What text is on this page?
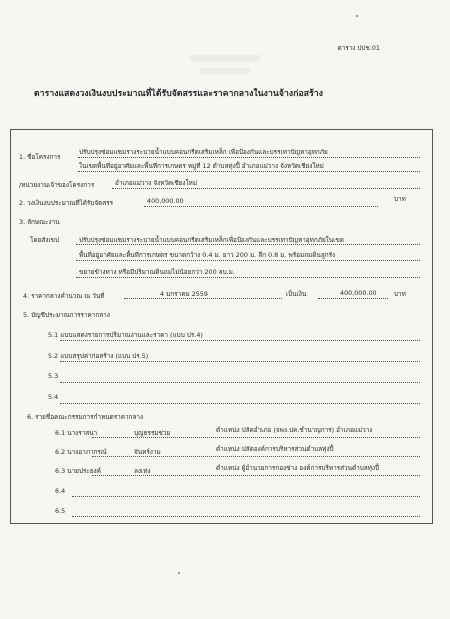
ตาราง ปปช.01
ตารางแสดงวงเงินงบประมาณที่ได้รับจัดสรรและราคากลางในงานจ้างก่อสร้าง
1. ชื่อโครงการ
ปรับปรุงซ่อมแซมรางระบายน้ำแบบคอนกรีตเสริมเหล็ก เพื่อป้องกันและบรรเทาปัญหาอุทกภัย
ในเขตพื้นที่อยู่อาศัยและพื้นที่การเกษตร หมู่ที่ 12 ตำบลทุ่งปี้ อำเภอแม่วาง จังหวัดเชียงใหม่
/หน่วยงานเจ้าของโครงการ	อำเภอแม่วาง จังหวัดเชียงใหม่
2. วงเงินงบประมาณที่ได้รับจัดสรร	400,000.00	บาท
3. ลักษณะงาน
โดยสังเขป	ปรับปรุงซ่อมแซมรางระบายน้ำแบบคอนกรีตเสริมเหล็กเพื่อป้องกันและบรรเทาปัญหาอุทกภัยในเขต
พื้นที่อยู่อาศัยและพื้นที่การเกษตร ขนาดกว้าง 0.4 ม. ยาว 200 ม. ลึก 0.8 ม. พร้อมถมดินลูกรัง
ขยายข้างทาง หรือมีปริมาณดินถมไม่น้อยกว่า 200 ลบ.ม.
4. ราคากลางคำนวณ ณ วันที่	4 มกราคม 2559	เป็นเงิน	400,000.00	บาท
5. บัญชีประมาณการราคากลาง
5.1 แบบแสดงรายการปริมาณงานและราคา (แบบ ปร.4)
5.2 แบบสรุปค่าก่อสร้าง (แบบ ปร.5)
5.3
5.4
6. รายชื่อคณะกรรมการกำหนดราคากลาง
6.1 นางราสนา	บุญธรรมช่วย	ตำแหน่ง ปลัดอำเภอ (จพง.ปค.ชำนาญการ) อำเภอแม่วาง
6.2 นางอาภากรณ์	จันทร์งาม	ตำแหน่ง ปลัดองค์การบริหารส่วนตำบลทุ่งปี้
6.3 นายประยงค์	ลงเท่ง	ตำแหน่ง ผู้อำนวยการกองช่าง องค์การบริหารส่วนตำบลทุ่งปี้
6.4
6.5
